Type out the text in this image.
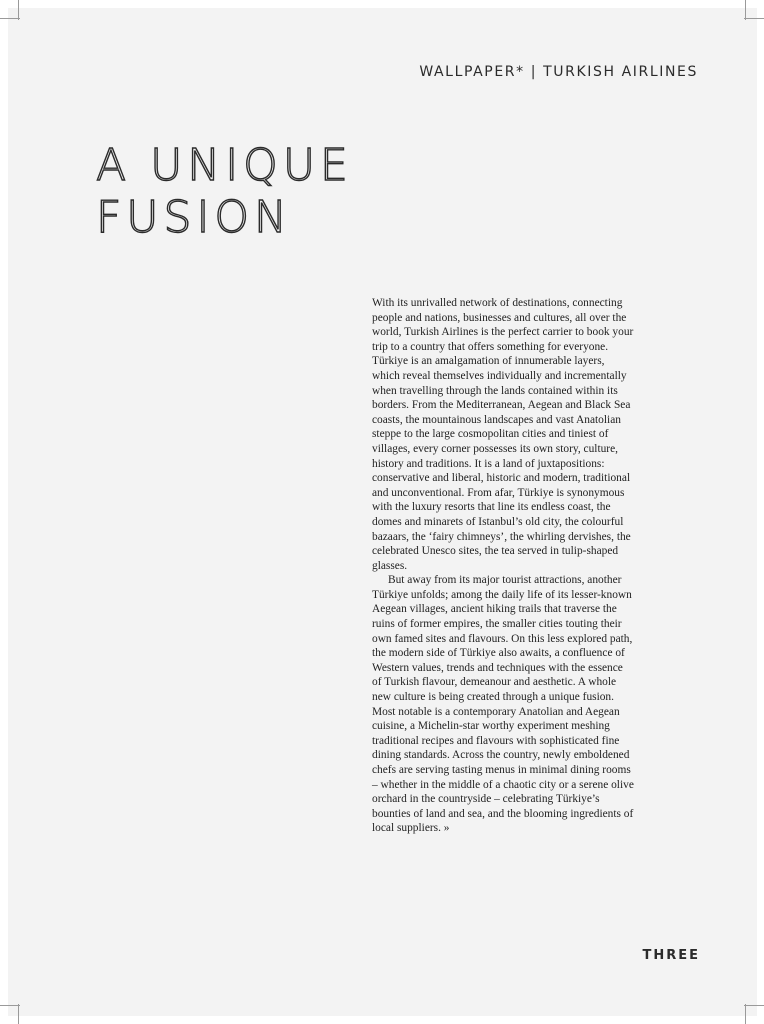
WALLPAPER* | TURKISH AIRLINES
A UNIQUE
FUSION

With its unrivalled network of destinations, connecting people and nations, businesses and cultures, all over the world, Turkish Airlines is the perfect carrier to book your trip to a country that offers something for everyone. Türkiye is an amalgamation of innumerable layers, which reveal themselves individually and incrementally when travelling through the lands contained within its borders. From the Mediterranean, Aegean and Black Sea coasts, the mountainous landscapes and vast Anatolian steppe to the large cosmopolitan cities and tiniest of villages, every corner possesses its own story, culture, history and traditions. It is a land of juxtapositions: conservative and liberal, historic and modern, traditional and unconventional. From afar, Türkiye is synonymous with the luxury resorts that line its endless coast, the domes and minarets of Istanbul’s old city, the colourful bazaars, the ‘fairy chimneys’, the whirling dervishes, the celebrated Unesco sites, the tea served in tulip-shaped glasses.

But away from its major tourist attractions, another Türkiye unfolds; among the daily life of its lesser-known Aegean villages, ancient hiking trails that traverse the ruins of former empires, the smaller cities touting their own famed sites and flavours. On this less explored path, the modern side of Türkiye also awaits, a confluence of Western values, trends and techniques with the essence of Turkish flavour, demeanour and aesthetic. A whole new culture is being created through a unique fusion. Most notable is a contemporary Anatolian and Aegean cuisine, a Michelin-star worthy experiment meshing traditional recipes and flavours with sophisticated fine dining standards. Across the country, newly emboldened chefs are serving tasting menus in minimal dining rooms – whether in the middle of a chaotic city or a serene olive orchard in the countryside – celebrating Türkiye’s bounties of land and sea, and the blooming ingredients of local suppliers. »

THREE
